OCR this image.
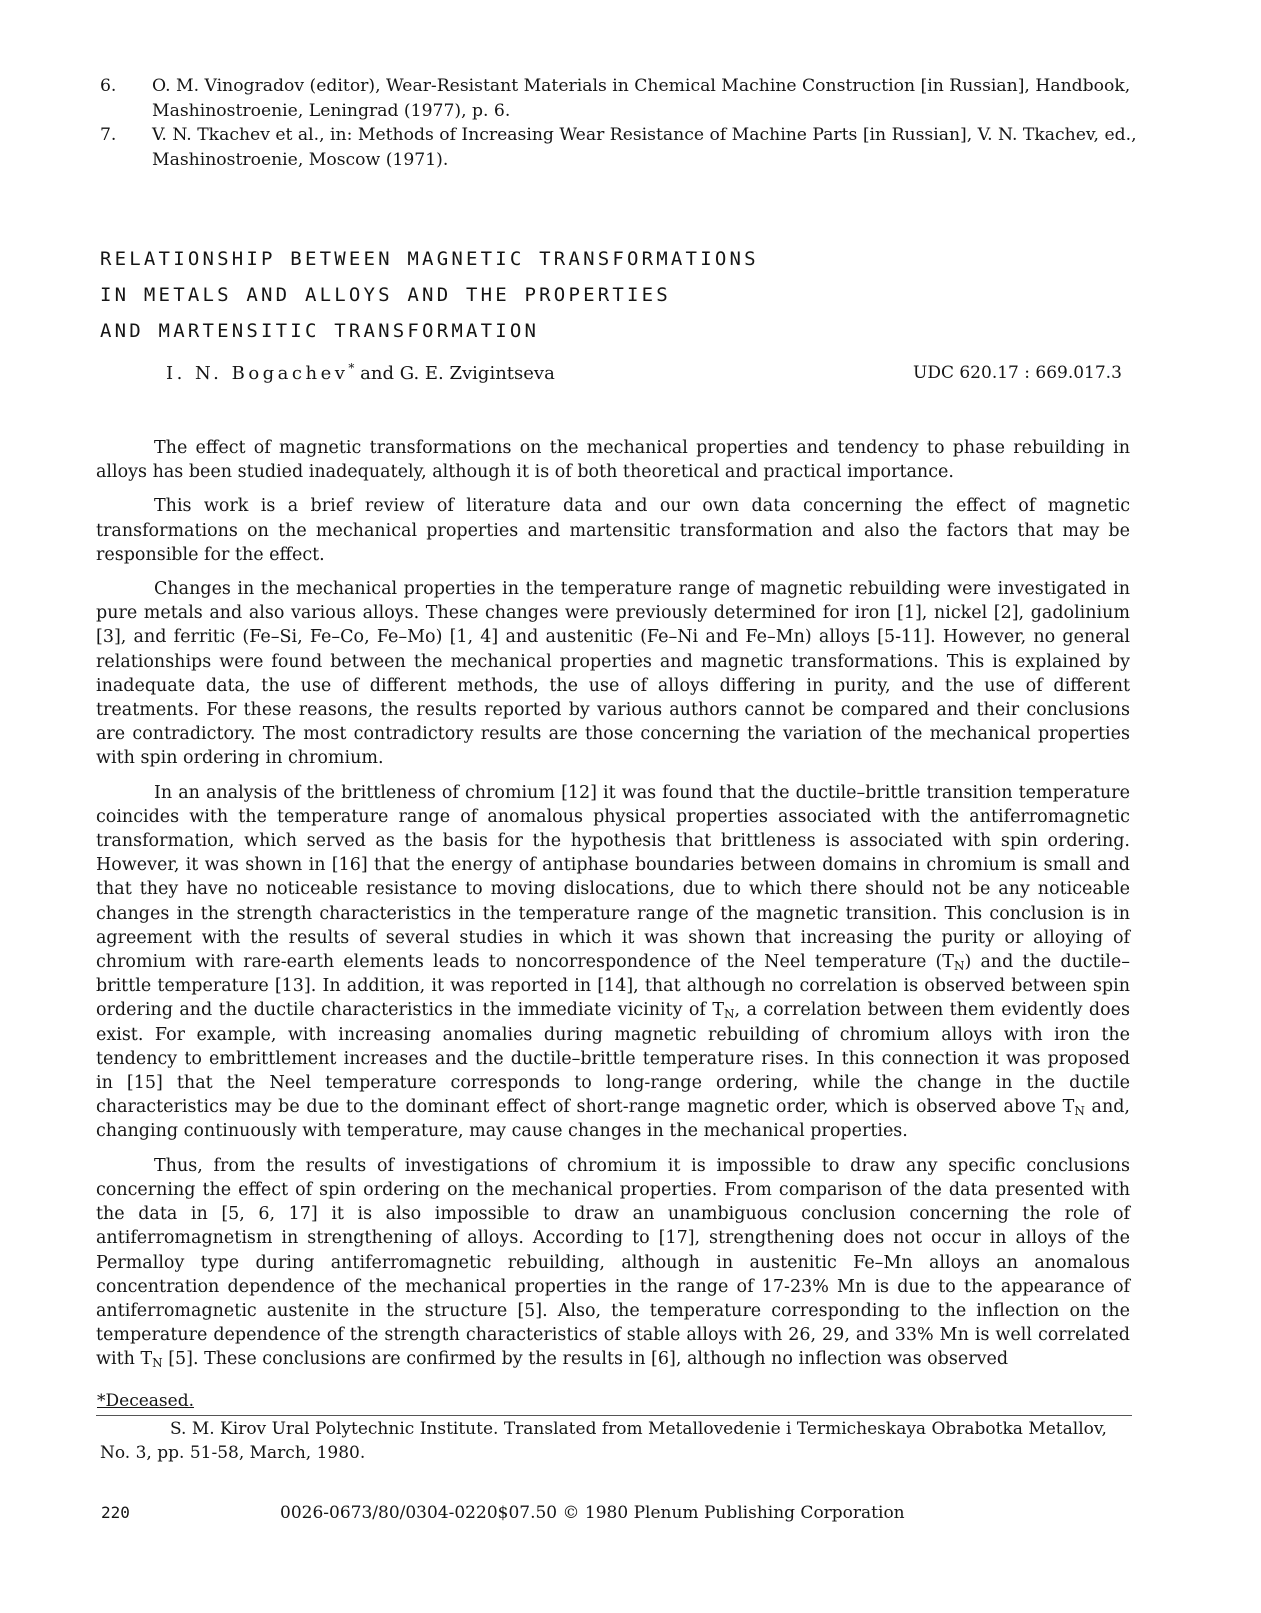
6.	O. M. Vinogradov (editor), Wear-Resistant Materials in Chemical Machine Construction [in Russian], Handbook, Mashinostroenie, Leningrad (1977), p. 6.
7.	V. N. Tkachev et al., in: Methods of Increasing Wear Resistance of Machine Parts [in Russian], V. N. Tkachev, ed., Mashinostroenie, Moscow (1971).
RELATIONSHIP BETWEEN MAGNETIC TRANSFORMATIONS
IN METALS AND ALLOYS AND THE PROPERTIES
AND MARTENSITIC TRANSFORMATION
I. N. Bogachev* and G. E. Zvigintseva	UDC 620.17 : 669.017.3

The effect of magnetic transformations on the mechanical properties and tendency to phase rebuilding in alloys has been studied inadequately, although it is of both theoretical and practical importance.

This work is a brief review of literature data and our own data concerning the effect of magnetic transformations on the mechanical properties and martensitic transformation and also the factors that may be responsible for the effect.

Changes in the mechanical properties in the temperature range of magnetic rebuilding were investigated in pure metals and also various alloys. These changes were previously determined for iron [1], nickel [2], gadolinium [3], and ferritic (Fe–Si, Fe–Co, Fe–Mo) [1, 4] and austenitic (Fe–Ni and Fe–Mn) alloys [5-11]. However, no general relationships were found between the mechanical properties and magnetic transformations. This is explained by inadequate data, the use of different methods, the use of alloys differing in purity, and the use of different treatments. For these reasons, the results reported by various authors cannot be compared and their conclusions are contradictory. The most contradictory results are those concerning the variation of the mechanical properties with spin ordering in chromium.

In an analysis of the brittleness of chromium [12] it was found that the ductile–brittle transition temperature coincides with the temperature range of anomalous physical properties associated with the antiferromagnetic transformation, which served as the basis for the hypothesis that brittleness is associated with spin ordering. However, it was shown in [16] that the energy of antiphase boundaries between domains in chromium is small and that they have no noticeable resistance to moving dislocations, due to which there should not be any noticeable changes in the strength characteristics in the temperature range of the magnetic transition. This conclusion is in agreement with the results of several studies in which it was shown that increasing the purity or alloying of chromium with rare-earth elements leads to noncorrespondence of the Neel temperature $(T_N)$ and the ductile–brittle temperature [13]. In addition, it was reported in [14], that although no correlation is observed between spin ordering and the ductile characteristics in the immediate vicinity of $T_N$, a correlation between them evidently does exist. For example, with increasing anomalies during magnetic rebuilding of chromium alloys with iron the tendency to embrittlement increases and the ductile–brittle temperature rises. In this connection it was proposed in [15] that the Neel temperature corresponds to long-range ordering, while the change in the ductile characteristics may be due to the dominant effect of short-range magnetic order, which is observed above $T_N$ and, changing continuously with temperature, may cause changes in the mechanical properties.

Thus, from the results of investigations of chromium it is impossible to draw any specific conclusions concerning the effect of spin ordering on the mechanical properties. From comparison of the data presented with the data in [5, 6, 17] it is also impossible to draw an unambiguous conclusion concerning the role of antiferromagnetism in strengthening of alloys. According to [17], strengthening does not occur in alloys of the Permalloy type during antiferromagnetic rebuilding, although in austenitic Fe–Mn alloys an anomalous concentration dependence of the mechanical properties in the range of 17-23% Mn is due to the appearance of antiferromagnetic austenite in the structure [5]. Also, the temperature corresponding to the inflection on the temperature dependence of the strength characteristics of stable alloys with 26, 29, and 33% Mn is well correlated with $T_N$ [5]. These conclusions are confirmed by the results in [6], although no inflection was observed

*Deceased.
S. M. Kirov Ural Polytechnic Institute. Translated from Metallovedenie i Termicheskaya Obrabotka Metallov, No. 3, pp. 51-58, March, 1980.
220	0026-0673/80/0304-0220$07.50 © 1980 Plenum Publishing Corporation
